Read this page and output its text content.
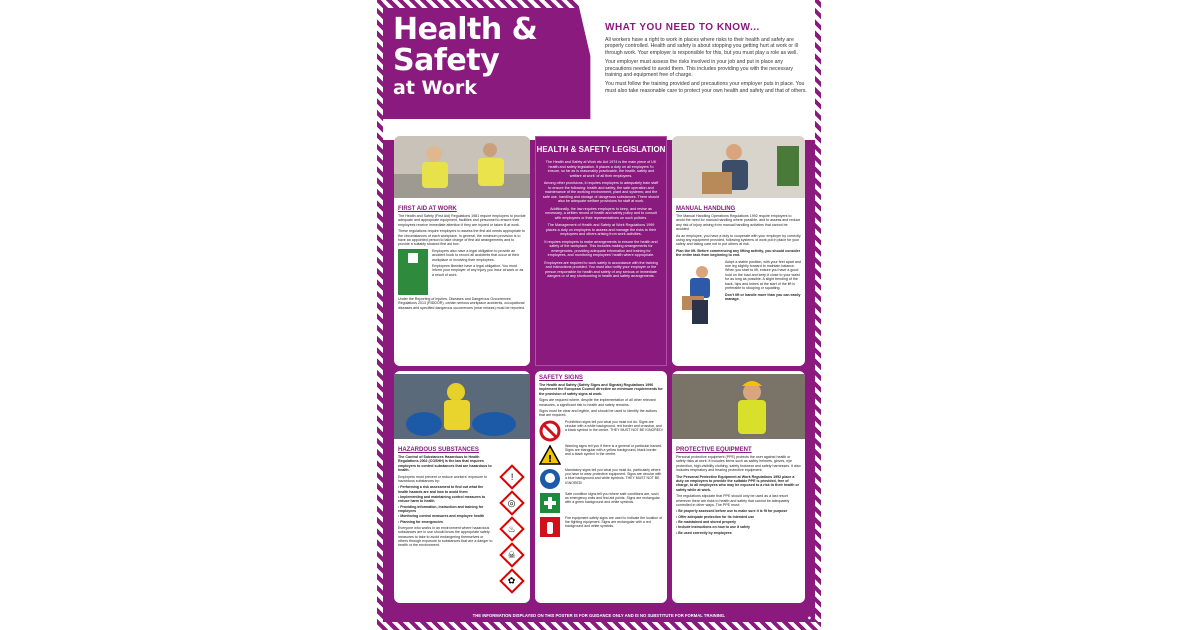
Health &
Safety
at Work
WHAT YOU NEED TO KNOW...

All workers have a right to work in places where risks to their health and safety are properly controlled. Health and safety is about stopping you getting hurt at work or ill through work. Your employer is responsible for this, but you must play a role as well.

Your employer must assess the risks involved in your job and put in place any precautions needed to avoid them. This includes providing you with the necessary training and equipment free of charge.

You must follow the training provided and precautions your employer puts in place. You must also take reasonable care to protect your own health and safety and that of others.

FIRST AID AT WORK

The Health and Safety (First Aid) Regulations 1981 require employers to provide adequate and appropriate equipment, facilities and personnel to ensure their employees receive immediate attention if they are injured or taken ill at work.

These regulations require employers to assess the first aid needs appropriate to the circumstances of each workplace. In general, the minimum provision is to have an appointed person to take charge of first aid arrangements and to provide a suitably stocked first aid box.

Employers also have a legal obligation to provide an accident book to record all accidents that occur at their workplace or involving their employees.

Employees likewise have a legal obligation. You must inform your employer of any injury you incur at work or as a result of work.

Under the Reporting of Injuries, Diseases and Dangerous Occurrences Regulations 2013 (RIDDOR), certain serious workplace accidents, occupational diseases and specified dangerous occurrences (near misses) must be reported.

HEALTH & SAFETY LEGISLATION

The Health and Safety at Work etc Act 1974 is the main piece of UK health and safety legislation. It places a duty on all employers 'to ensure, so far as is reasonably practicable, the health, safety and welfare at work' of all their employees.

Among other provisions, it requires employers to adequately train staff to ensure the following: health and safety, the safe operation and maintenance of the working environment, plant and systems; and the safe use, handling and storage of dangerous substances. There should also be adequate welfare provisions for staff at work.

Additionally, the law requires employers to keep, and revise as necessary, a written record of health and safety policy and to consult with employees or their representatives on such policies.

The Management of Health and Safety at Work Regulations 1999 places a duty on employers to assess and manage the risks to their employees and others arising from work activities.

It requires employers to make arrangements to ensure the health and safety of the workplace. This includes making arrangements for emergencies, providing adequate information and training for employees, and monitoring employees' health where appropriate.

Employees are required to work safely in accordance with the training and instructions provided. You must also notify your employer or the person responsible for health and safety of any serious or immediate dangers or of any shortcoming in health and safety arrangements.

MANUAL HANDLING

The Manual Handling Operations Regulations 1992 require employers to avoid the need for manual handling where possible, and to assess and reduce any risk of injury arising from manual handling activities that cannot be avoided.

As an employee, you have a duty to cooperate with your employer by correctly using any equipment provided, following systems of work put in place for your safety and taking care not to put others at risk.

Plan the lift. Before commencing any lifting activity, you should consider the entire task from beginning to end.

Adopt a stable position, with your feet apart and one leg slightly forward to maintain balance. When you start to lift, ensure you have a good hold on the load and keep it close to your waist for as long as possible. A slight bending of the back, hips and knees at the start of the lift is preferable to stooping or squatting.

Don't lift or handle more than you can easily manage.

HAZARDOUS SUBSTANCES

The Control of Substances Hazardous to Health Regulations 2002 (COSHH) is the law that requires employers to control substances that are hazardous to health.

Employers must prevent or reduce workers' exposure to hazardous substances by:

• Performing a risk assessment to find out what the health hazards are and how to avoid them
• Implementing and maintaining control measures to reduce harm to health
• Providing information, instruction and training for employees
• Monitoring control measures and employee health
• Planning for emergencies

Everyone who works in an environment where hazardous substances are in use should know the appropriate safety measures to take to avoid endangering themselves or others through exposure to substances that are a danger to health or the environment.

!
◎
♨
☠
✿
SAFETY SIGNS

The Health and Safety (Safety Signs and Signals) Regulations 1996 implement the European Council directive on minimum requirements for the provision of safety signs at work.

Signs are required where, despite the implementation of all other relevant measures, a significant risk to health and safety remains.

Signs must be clear and legible, and should be used to identify the actions that are required.

Prohibition signs tell you what you must not do. Signs are circular with a white background, red border and crossbar, and a black symbol in the centre. THEY MUST NOT BE IGNORED!

!

Warning signs tell you if there is a general or particular hazard. Signs are triangular with a yellow background, black border and a black symbol in the centre.

Mandatory signs tell you what you must do, particularly where you have to wear protective equipment. Signs are circular with a blue background and white symbols. THEY MUST NOT BE IGNORED!

Safe condition signs tell you where safe conditions are, such as emergency exits and first aid points. Signs are rectangular with a green background and white symbols.

Fire equipment safety signs are used to indicate the location of fire fighting equipment. Signs are rectangular with a red background and white symbols.

PROTECTIVE EQUIPMENT

Personal protective equipment (PPE) protects the user against health or safety risks at work. It includes items such as safety helmets, gloves, eye protection, high-visibility clothing, safety footwear and safety harnesses. It also includes respiratory and hearing protective equipment.

The Personal Protective Equipment at Work Regulations 1992 place a duty on employers to provide the suitable PPE is provided, free of charge, to all employees who may be exposed to a risk to their health or safety while at work.

The regulations stipulate that PPE should only be used as a last resort wherever there are risks to health and safety that cannot be adequately controlled in other ways. The PPE must:

• Be properly assessed before use to make sure it is fit for purpose
• Offer adequate protection for its intended use
• Be maintained and stored properly
• Include instructions on how to use it safely
• Be used correctly by employees
THE INFORMATION DISPLAYED ON THIS POSTER IS FOR GUIDANCE ONLY AND IS NO SUBSTITUTE FOR FORMAL TRAINING.	◆
